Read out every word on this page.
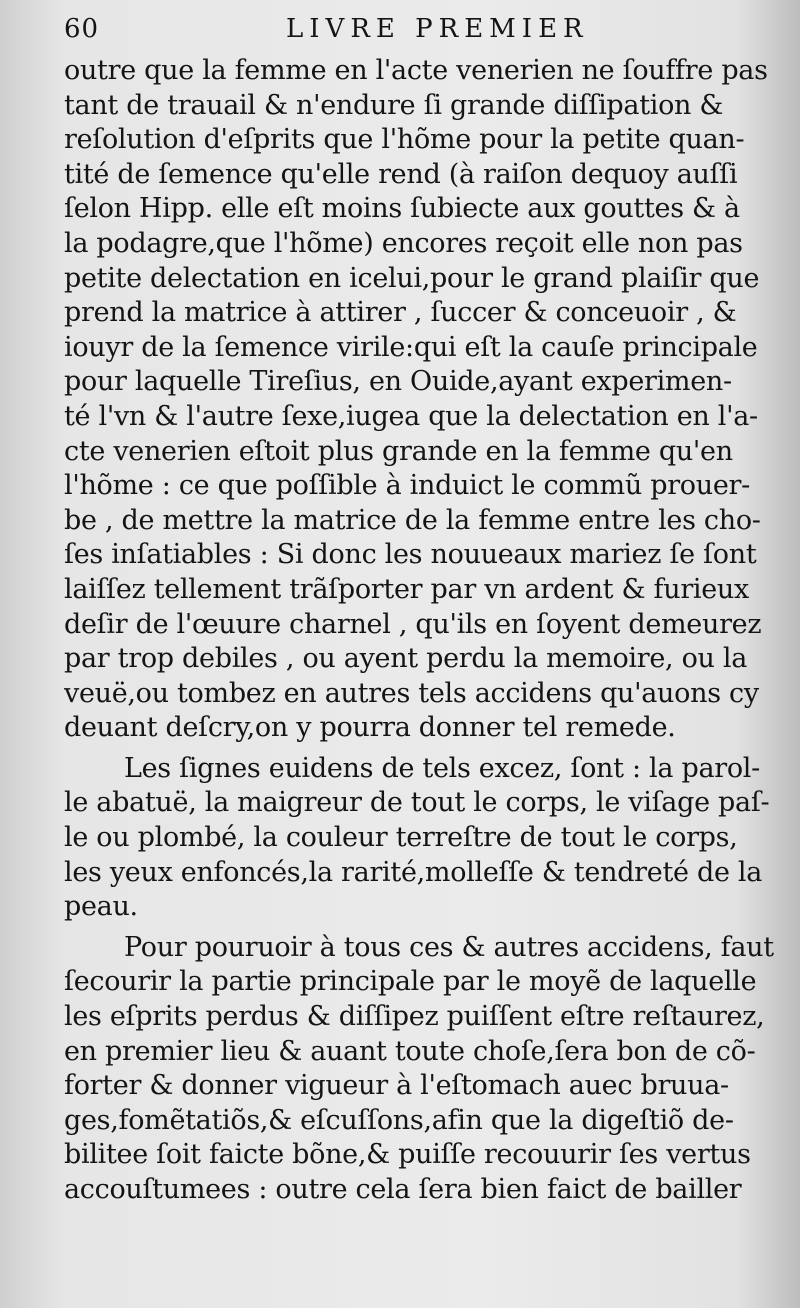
60	LIVRE PREMIER
outre que la femme en l'acte venerien ne ſouffre pas
tant de trauail & n'endure ſi grande diſſipation &
reſolution d'eſprits que l'hõme pour la petite quan-
tité de ſemence qu'elle rend (à raiſon dequoy auſſi
ſelon Hipp. elle eſt moins ſubiecte aux gouttes & à
la podagre,que l'hõme) encores reçoit elle non pas
petite delectation en icelui,pour le grand plaiſir que
prend la matrice à attirer , ſuccer & conceuoir , &
iouyr de la ſemence virile:qui eſt la cauſe principale
pour laquelle Tireſius, en Ouide,ayant experimen-
té l'vn & l'autre ſexe,iugea que la delectation en l'a-
cte venerien eſtoit plus grande en la femme qu'en
l'hõme : ce que poſſible à induict le commũ prouer-
be , de mettre la matrice de la femme entre les cho-
ſes inſatiables : Si donc les nouueaux mariez ſe ſont
laiſſez tellement trãſporter par vn ardent & furieux
deſir de l'œuure charnel , qu'ils en ſoyent demeurez
par trop debiles , ou ayent perdu la memoire, ou la
veuë,ou tombez en autres tels accidens qu'auons cy
deuant deſcry,on y pourra donner tel remede.
Les ſignes euidens de tels excez, ſont : la parol-
le abatuë, la maigreur de tout le corps, le viſage paſ-
le ou plombé, la couleur terreſtre de tout le corps,
les yeux enfoncés,la rarité,molleſſe & tendreté de la
peau.
Pour pouruoir à tous ces & autres accidens, faut
ſecourir la partie principale par le moyẽ de laquelle
les eſprits perdus & diſſipez puiſſent eſtre reſtaurez,
en premier lieu & auant toute choſe,ſera bon de cõ-
forter & donner vigueur à l'eſtomach auec bruua-
ges,fomẽtatiõs,& eſcuſſons,afin que la digeſtiõ de-
bilitee ſoit faicte bõne,& puiſſe recouurir ſes vertus
accouſtumees : outre cela ſera bien faict de bailler
